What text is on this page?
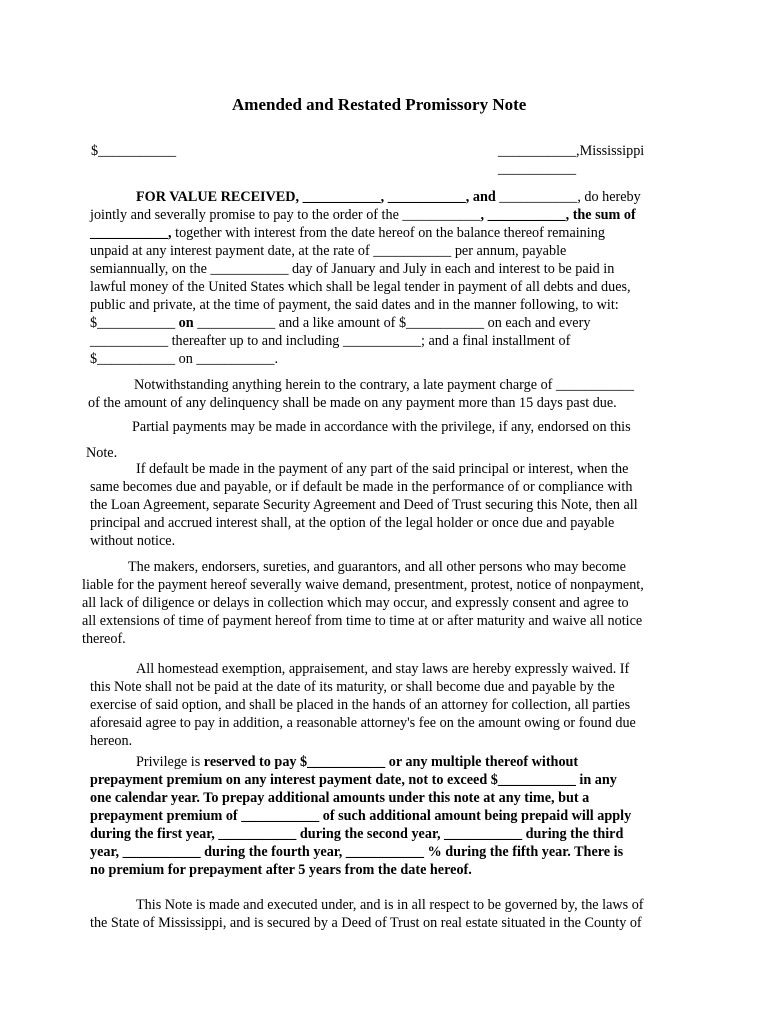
Amended and Restated Promissory Note
$___________	___________,Mississippi
___________
FOR VALUE RECEIVED, ___________, ___________, and ___________, do hereby
jointly and severally promise to pay to the order of the ___________, ___________, the sum of
___________, together with interest from the date hereof on the balance thereof remaining
unpaid at any interest payment date, at the rate of ___________ per annum, payable
semiannually, on the ___________ day of January and July in each and interest to be paid in
lawful money of the United States which shall be legal tender in payment of all debts and dues,
public and private, at the time of payment, the said dates and in the manner following, to wit:
$___________ on ___________ and a like amount of $___________ on each and every
___________ thereafter up to and including ___________; and a final installment of
$___________ on ___________.
Notwithstanding anything herein to the contrary, a late payment charge of ___________
of the amount of any delinquency shall be made on any payment more than 15 days past due.
Partial payments may be made in accordance with the privilege, if any, endorsed on this
Note.
If default be made in the payment of any part of the said principal or interest, when the
same becomes due and payable, or if default be made in the performance of or compliance with
the Loan Agreement, separate Security Agreement and Deed of Trust securing this Note, then all
principal and accrued interest shall, at the option of the legal holder or once due and payable
without notice.
The makers, endorsers, sureties, and guarantors, and all other persons who may become
liable for the payment hereof severally waive demand, presentment, protest, notice of nonpayment,
all lack of diligence or delays in collection which may occur, and expressly consent and agree to
all extensions of time of payment hereof from time to time at or after maturity and waive all notice
thereof.
All homestead exemption, appraisement, and stay laws are hereby expressly waived. If
this Note shall not be paid at the date of its maturity, or shall become due and payable by the
exercise of said option, and shall be placed in the hands of an attorney for collection, all parties
aforesaid agree to pay in addition, a reasonable attorney's fee on the amount owing or found due
hereon.
Privilege is reserved to pay $___________ or any multiple thereof without
prepayment premium on any interest payment date, not to exceed $___________ in any
one calendar year. To prepay additional amounts under this note at any time, but a
prepayment premium of ___________ of such additional amount being prepaid will apply
during the first year, ___________ during the second year, ___________ during the third
year, ___________ during the fourth year, ___________ % during the fifth year. There is
no premium for prepayment after 5 years from the date hereof.
This Note is made and executed under, and is in all respect to be governed by, the laws of
the State of Mississippi, and is secured by a Deed of Trust on real estate situated in the County of
